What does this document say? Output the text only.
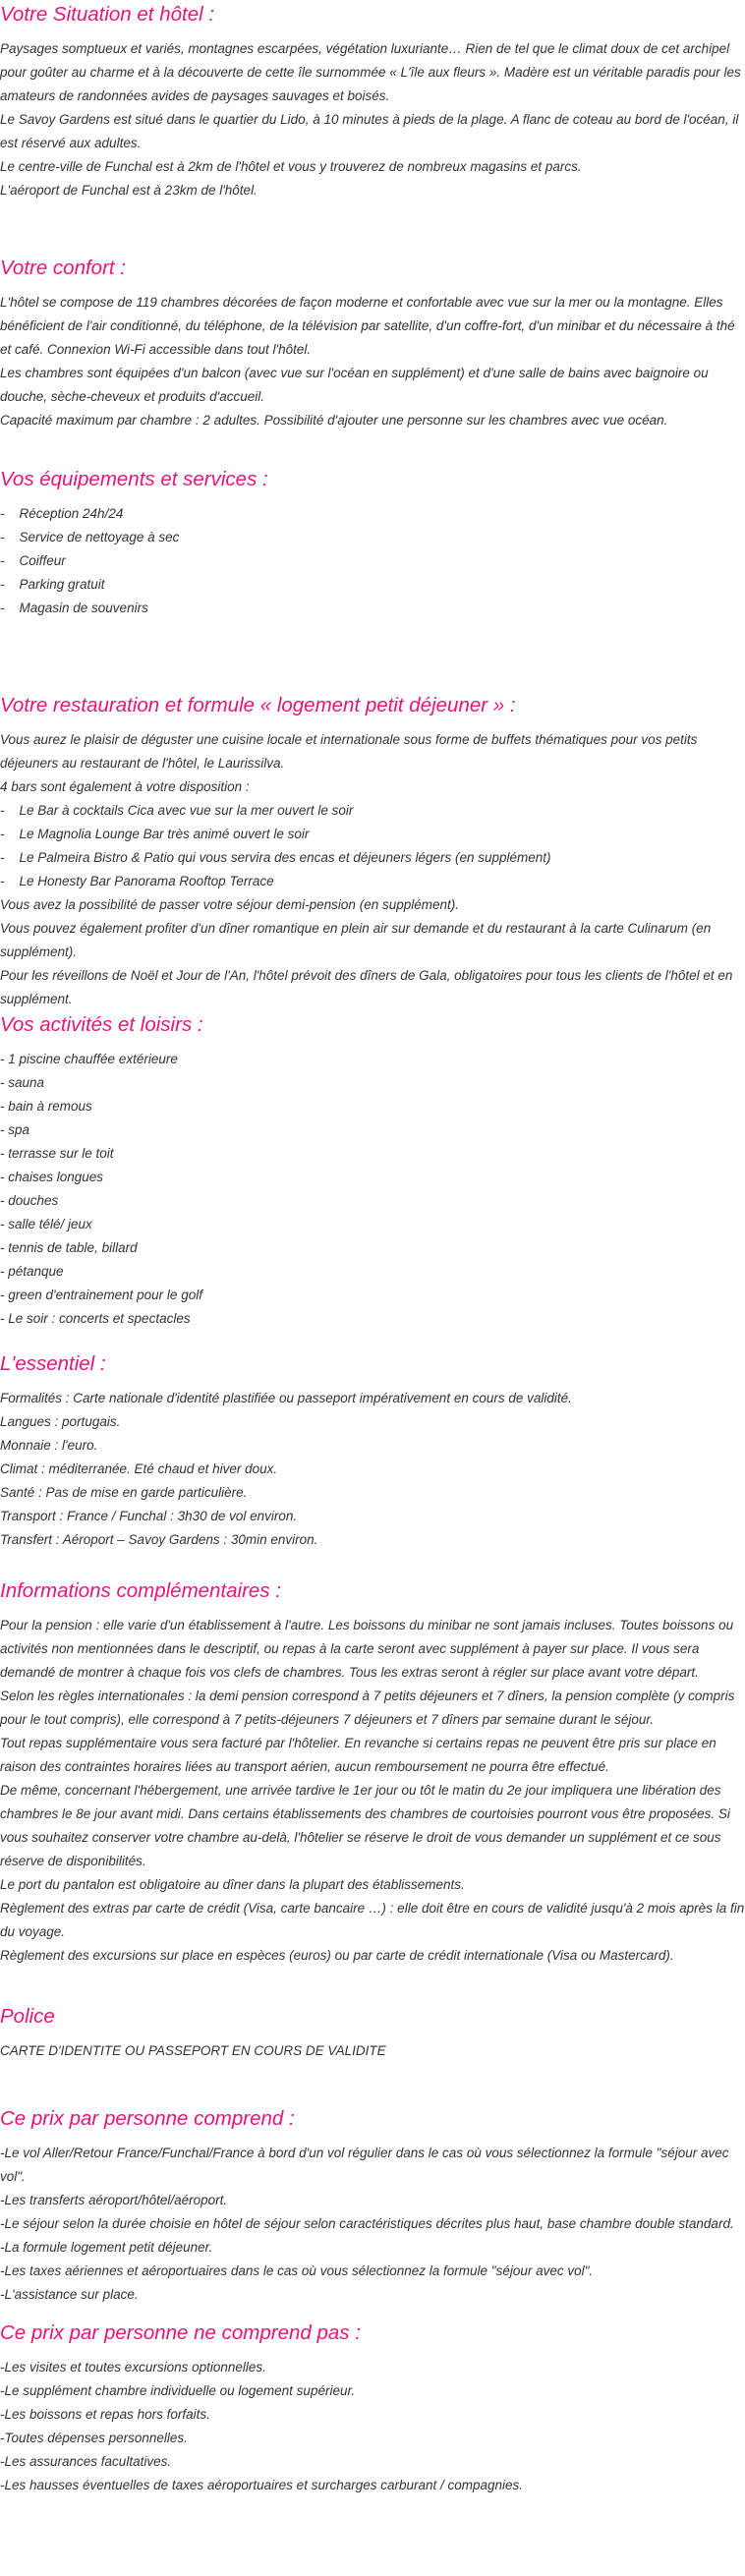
Votre Situation et hôtel :

Paysages somptueux et variés, montagnes escarpées, végétation luxuriante… Rien de tel que le climat doux de cet archipel pour goûter au charme et à la découverte de cette île surnommée « L'île aux fleurs ». Madère est un véritable paradis pour les amateurs de randonnées avides de paysages sauvages et boisés.

Le Savoy Gardens est situé dans le quartier du Lido, à 10 minutes à pieds de la plage. A flanc de coteau au bord de l'océan, il est réservé aux adultes.

Le centre-ville de Funchal est à 2km de l'hôtel et vous y trouverez de nombreux magasins et parcs.

L'aéroport de Funchal est à 23km de l'hôtel.

Votre confort :

L'hôtel se compose de 119 chambres décorées de façon moderne et confortable avec vue sur la mer ou la montagne. Elles bénéficient de l'air conditionné, du téléphone, de la télévision par satellite, d'un coffre-fort, d'un minibar et du nécessaire à thé et café. Connexion Wi-Fi accessible dans tout l'hôtel.

Les chambres sont équipées d'un balcon (avec vue sur l'océan en supplément) et d'une salle de bains avec baignoire ou douche, sèche-cheveux et produits d'accueil.

Capacité maximum par chambre : 2 adultes. Possibilité d'ajouter une personne sur les chambres avec vue océan.

Vos équipements et services :
-    Réception 24h/24
-    Service de nettoyage à sec
-    Coiffeur
-    Parking gratuit
-    Magasin de souvenirs
Votre restauration et formule « logement petit déjeuner » :

Vous aurez le plaisir de déguster une cuisine locale et internationale sous forme de buffets thématiques pour vos petits déjeuners au restaurant de l'hôtel, le Laurissilva.

4 bars sont également à votre disposition :

-    Le Bar à cocktails Cica avec vue sur la mer ouvert le soir
-    Le Magnolia Lounge Bar très animé ouvert le soir
-    Le Palmeira Bistro & Patio qui vous servira des encas et déjeuners légers (en supplément)
-    Le Honesty Bar Panorama Rooftop Terrace

Vous avez la possibilité de passer votre séjour demi-pension (en supplément).

Vous pouvez également profiter d'un dîner romantique en plein air sur demande et du restaurant à la carte Culinarum (en supplément).

Pour les réveillons de Noël et Jour de l'An, l'hôtel prévoit des dîners de Gala, obligatoires pour tous les clients de l'hôtel et en supplément.

Vos activités et loisirs :
- 1 piscine chauffée extérieure
- sauna
- bain à remous
- spa
- terrasse sur le toit
- chaises longues
- douches
- salle télé/ jeux
- tennis de table, billard
- pétanque
- green d'entrainement pour le golf
- Le soir : concerts et spectacles
L'essentiel :

Formalités : Carte nationale d'identité plastifiée ou passeport impérativement en cours de validité.

Langues : portugais.

Monnaie : l'euro.

Climat : méditerranée. Eté chaud et hiver doux.

Santé : Pas de mise en garde particulière.

Transport : France / Funchal : 3h30 de vol environ.

Transfert : Aéroport – Savoy Gardens : 30min environ.

Informations complémentaires :

Pour la pension : elle varie d'un établissement à l'autre. Les boissons du minibar ne sont jamais incluses. Toutes boissons ou activités non mentionnées dans le descriptif, ou repas à la carte seront avec supplément à payer sur place. Il vous sera demandé de montrer à chaque fois vos clefs de chambres. Tous les extras seront à régler sur place avant votre départ.

Selon les règles internationales : la demi pension correspond à 7 petits déjeuners et 7 dîners, la pension complète (y compris pour le tout compris), elle correspond à 7 petits-déjeuners 7 déjeuners et 7 dîners par semaine durant le séjour.

Tout repas supplémentaire vous sera facturé par l'hôtelier. En revanche si certains repas ne peuvent être pris sur place en raison des contraintes horaires liées au transport aérien, aucun remboursement ne pourra être effectué.

De même, concernant l'hébergement, une arrivée tardive le 1er jour ou tôt le matin du 2e jour impliquera une libération des chambres le 8e jour avant midi. Dans certains établissements des chambres de courtoisies pourront vous être proposées. Si vous souhaitez conserver votre chambre au-delà, l'hôtelier se réserve le droit de vous demander un supplément et ce sous réserve de disponibilités.

Le port du pantalon est obligatoire au dîner dans la plupart des établissements.

Règlement des extras par carte de crédit (Visa, carte bancaire …) : elle doit être en cours de validité jusqu'à 2 mois après la fin du voyage.

Règlement des excursions sur place en espèces (euros) ou par carte de crédit internationale (Visa ou Mastercard).

Police

CARTE D'IDENTITE OU PASSEPORT EN COURS DE VALIDITE

Ce prix par personne comprend :

-Le vol Aller/Retour France/Funchal/France à bord d'un vol régulier dans le cas où vous sélectionnez la formule "séjour avec vol".

-Les transferts aéroport/hôtel/aéroport.

-Le séjour selon la durée choisie en hôtel de séjour selon caractéristiques décrites plus haut, base chambre double standard.

-La formule logement petit déjeuner.

-Les taxes aériennes et aéroportuaires dans le cas où vous sélectionnez la formule "séjour avec vol".

-L'assistance sur place.

Ce prix par personne ne comprend pas :

-Les visites et toutes excursions optionnelles.

-Le supplément chambre individuelle ou logement supérieur.

-Les boissons et repas hors forfaits.

-Toutes dépenses personnelles.

-Les assurances facultatives.

-Les hausses éventuelles de taxes aéroportuaires et surcharges carburant / compagnies.
